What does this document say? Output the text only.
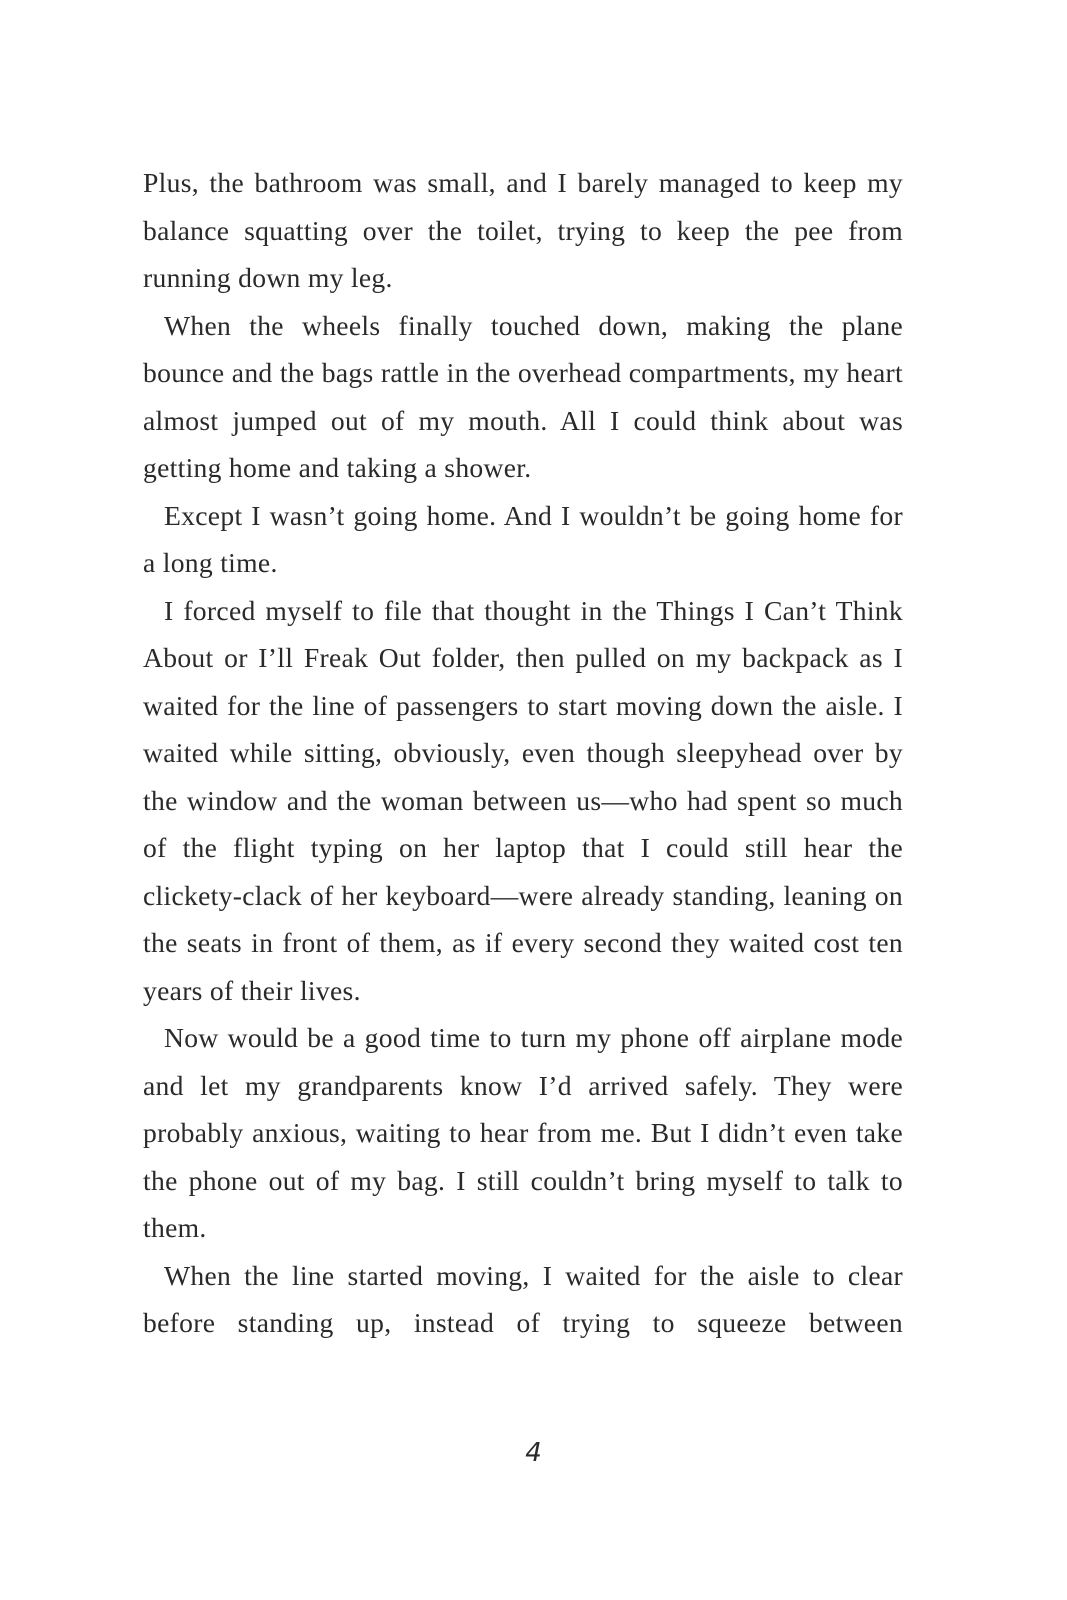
Plus, the bathroom was small, and I barely managed to keep my balance squatting over the toilet, trying to keep the pee from running down my leg.

When the wheels finally touched down, making the plane bounce and the bags rattle in the overhead compartments, my heart almost jumped out of my mouth. All I could think about was getting home and taking a shower.

Except I wasn’t going home. And I wouldn’t be going home for a long time.

I forced myself to file that thought in the Things I Can’t Think About or I’ll Freak Out folder, then pulled on my backpack as I waited for the line of passengers to start moving down the aisle. I waited while sitting, obviously, even though sleepyhead over by the window and the woman between us—who had spent so much of the flight typing on her laptop that I could still hear the clickety-clack of her keyboard—were already standing, leaning on the seats in front of them, as if every second they waited cost ten years of their lives.

Now would be a good time to turn my phone off airplane mode and let my grandparents know I’d arrived safely. They were probably anxious, waiting to hear from me. But I didn’t even take the phone out of my bag. I still couldn’t bring myself to talk to them.

When the line started moving, I waited for the aisle to clear before standing up, instead of trying to squeeze between

4
